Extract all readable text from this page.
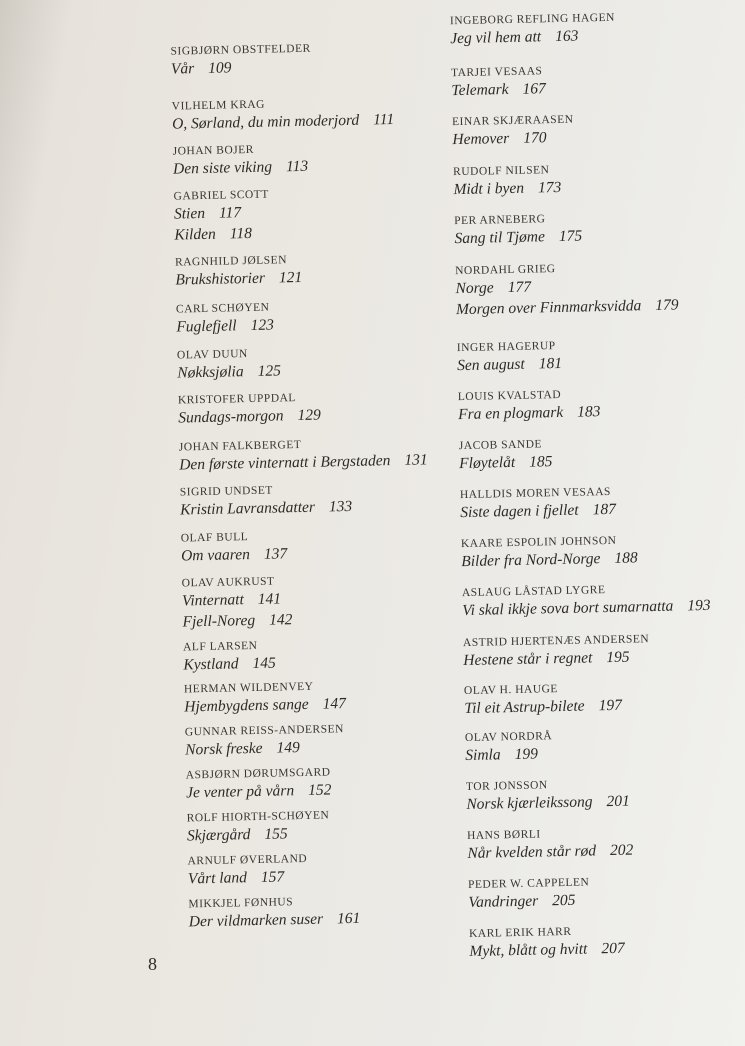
SIGBJØRN OBSTFELDER
Vår 109
VILHELM KRAG
O, Sørland, du min moderjord 111
JOHAN BOJER
Den siste viking 113
GABRIEL SCOTT
Stien 117
Kilden 118
RAGNHILD JØLSEN
Brukshistorier 121
CARL SCHØYEN
Fuglefjell 123
OLAV DUUN
Nøkksjølia 125
KRISTOFER UPPDAL
Sundags-morgon 129
JOHAN FALKBERGET
Den første vinternatt i Bergstaden 131
SIGRID UNDSET
Kristin Lavransdatter 133
OLAF BULL
Om vaaren 137
OLAV AUKRUST
Vinternatt 141
Fjell-Noreg 142
ALF LARSEN
Kystland 145
HERMAN WILDENVEY
Hjembygdens sange 147
GUNNAR REISS-ANDERSEN
Norsk freske 149
ASBJØRN DØRUMSGARD
Je venter på vårn 152
ROLF HIORTH-SCHØYEN
Skjærgård 155
ARNULF ØVERLAND
Vårt land 157
MIKKJEL FØNHUS
Der vildmarken suser 161
INGEBORG REFLING HAGEN
Jeg vil hem att 163
TARJEI VESAAS
Telemark 167
EINAR SKJÆRAASEN
Hemover 170
RUDOLF NILSEN
Midt i byen 173
PER ARNEBERG
Sang til Tjøme 175
NORDAHL GRIEG
Norge 177
Morgen over Finnmarksvidda 179
INGER HAGERUP
Sen august 181
LOUIS KVALSTAD
Fra en plogmark 183
JACOB SANDE
Fløytelåt 185
HALLDIS MOREN VESAAS
Siste dagen i fjellet 187
KAARE ESPOLIN JOHNSON
Bilder fra Nord-Norge 188
ASLAUG LÅSTAD LYGRE
Vi skal ikkje sova bort sumarnatta 193
ASTRID HJERTENÆS ANDERSEN
Hestene står i regnet 195
OLAV H. HAUGE
Til eit Astrup-bilete 197
OLAV NORDRÅ
Simla 199
TOR JONSSON
Norsk kjærleikssong 201
HANS BØRLI
Når kvelden står rød 202
PEDER W. CAPPELEN
Vandringer 205
KARL ERIK HARR
Mykt, blått og hvitt 207
8
